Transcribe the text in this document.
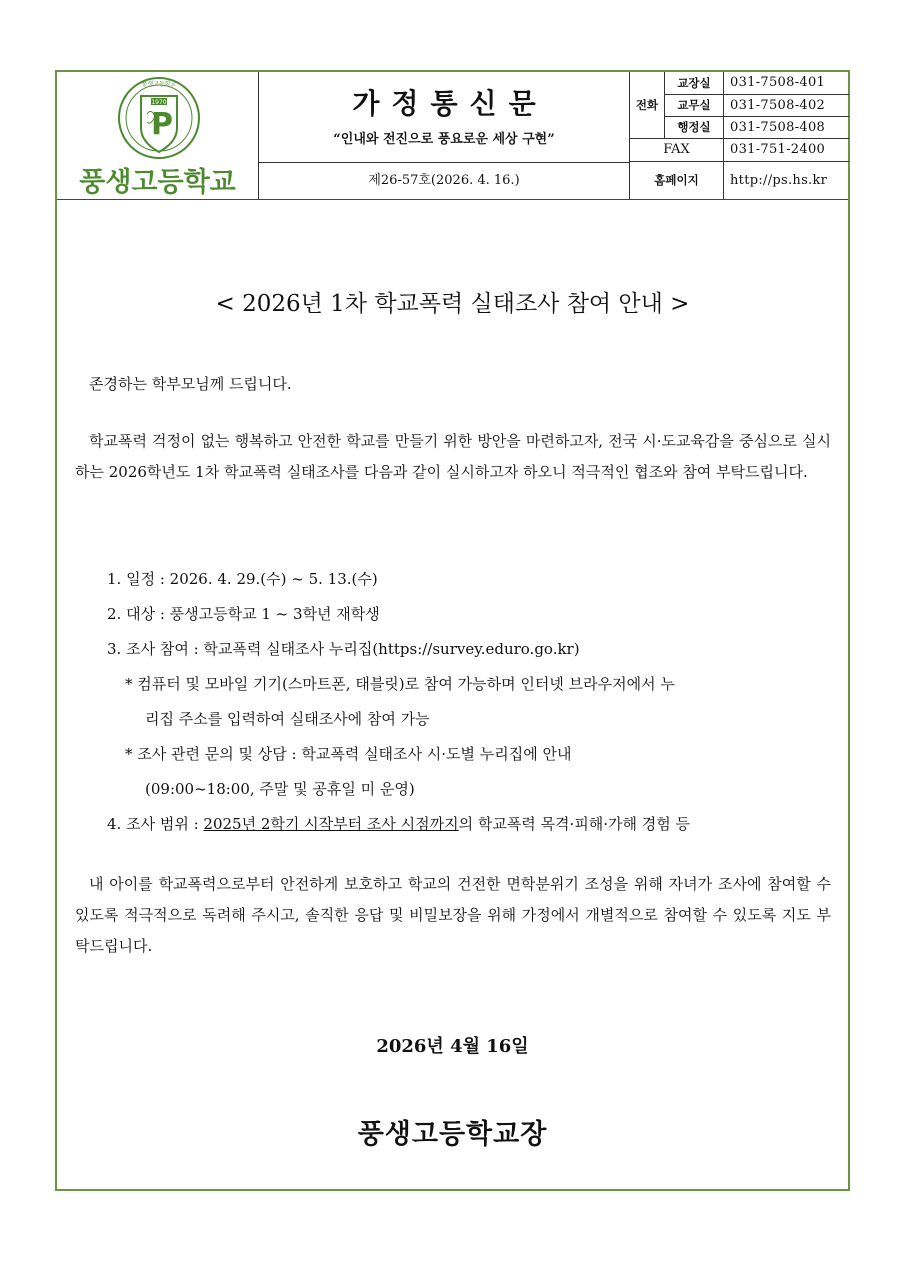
1970
P
풍생고등학교
풍생고등학교
가정통신문
“인내와 전진으로 풍요로운 세상 구현”
제26-57호(2026. 4. 16.)
전화	교장실	031-7508-401
	교무실	031-7508-402
	행정실	031-7508-408
FAX		031-751-2400
홈페이지		http://ps.hs.kr
< 2026년 1차 학교폭력 실태조사 참여 안내 >
존경하는 학부모님께 드립니다.
학교폭력 걱정이 없는 행복하고 안전한 학교를 만들기 위한 방안을 마련하고자, 전국 시·도교육감을 중심으로 실시하는 2026학년도 1차 학교폭력 실태조사를 다음과 같이 실시하고자 하오니 적극적인 협조와 참여 부탁드립니다.
1. 일정 : 2026. 4. 29.(수) ~ 5. 13.(수)
2. 대상 : 풍생고등학교 1 ~ 3학년 재학생
3. 조사 참여 : 학교폭력 실태조사 누리집(https://survey.eduro.go.kr)
* 컴퓨터 및 모바일 기기(스마트폰, 태블릿)로 참여 가능하며 인터넷 브라우저에서 누
리집 주소를 입력하여 실태조사에 참여 가능
* 조사 관련 문의 및 상담 : 학교폭력 실태조사 시·도별 누리집에 안내
(09:00~18:00, 주말 및 공휴일 미 운영)
4. 조사 범위 : 2025년 2학기 시작부터 조사 시점까지의 학교폭력 목격·피해·가해 경험 등
내 아이를 학교폭력으로부터 안전하게 보호하고 학교의 건전한 면학분위기 조성을 위해 자녀가 조사에 참여할 수 있도록 적극적으로 독려해 주시고, 솔직한 응답 및 비밀보장을 위해 가정에서 개별적으로 참여할 수 있도록 지도 부탁드립니다.
2026년 4월 16일
풍생고등학교장
